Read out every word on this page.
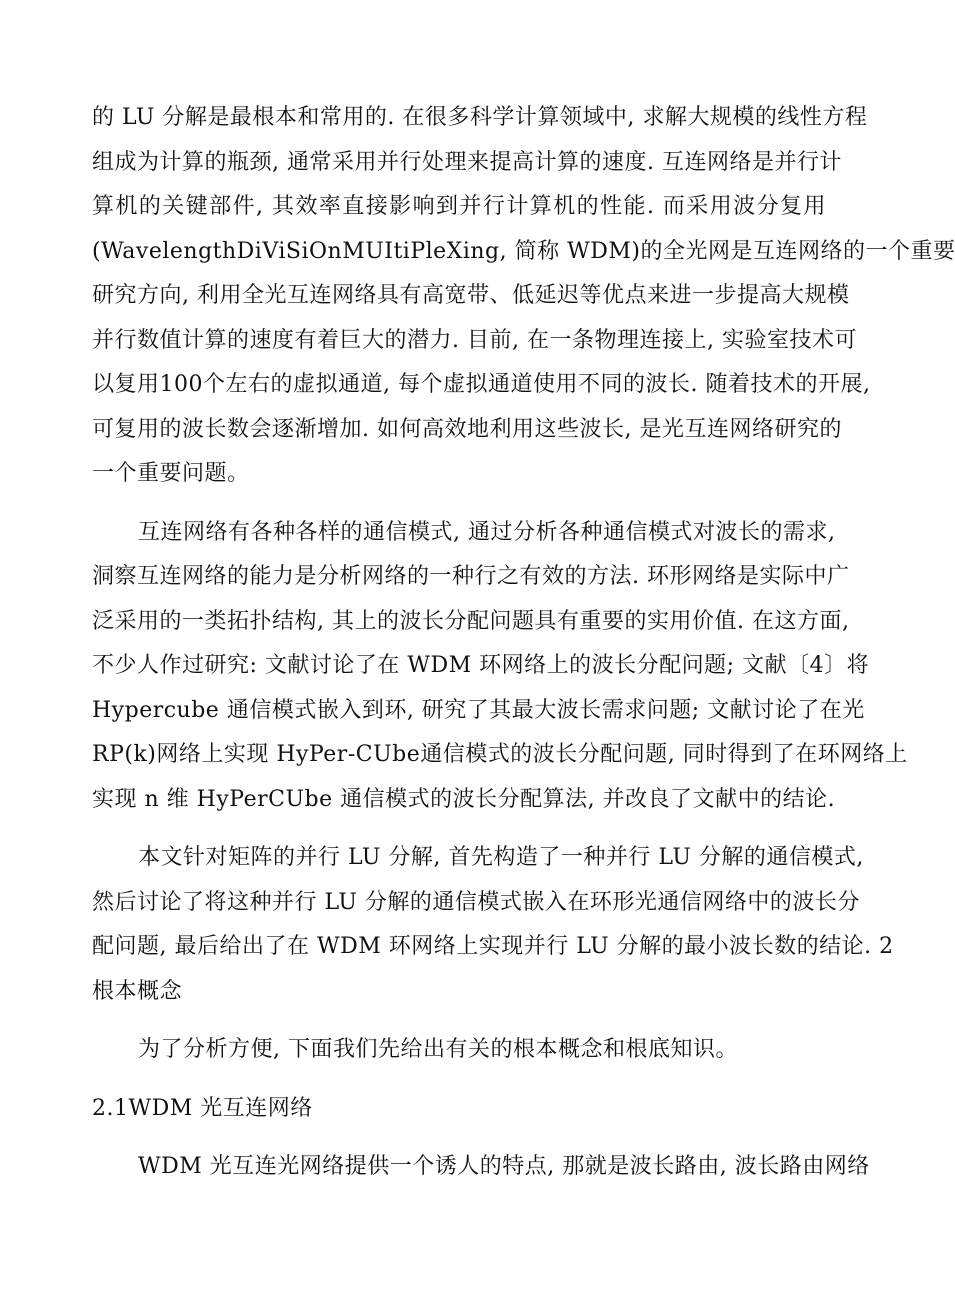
的 LU 分解是最根本和常用的. 在很多科学计算领域中, 求解大规模的线性方程
组成为计算的瓶颈, 通常采用并行处理来提高计算的速度. 互连网络是并行计
算机的关键部件, 其效率直接影响到并行计算机的性能. 而采用波分复用
(WavelengthDiViSiOnMUItiPleXing, 简称 WDM)的全光网是互连网络的一个重要
研究方向, 利用全光互连网络具有高宽带、低延迟等优点来进一步提高大规模
并行数值计算的速度有着巨大的潜力. 目前, 在一条物理连接上, 实验室技术可
以复用100个左右的虚拟通道, 每个虚拟通道使用不同的波长. 随着技术的开展,
可复用的波长数会逐渐增加. 如何高效地利用这些波长, 是光互连网络研究的
一个重要问题。
互连网络有各种各样的通信模式, 通过分析各种通信模式对波长的需求,
洞察互连网络的能力是分析网络的一种行之有效的方法. 环形网络是实际中广
泛采用的一类拓扑结构, 其上的波长分配问题具有重要的实用价值. 在这方面,
不少人作过研究: 文献讨论了在 WDM 环网络上的波长分配问题; 文献〔4〕将
Hypercube 通信模式嵌入到环, 研究了其最大波长需求问题; 文献讨论了在光
RP(k)网络上实现 HyPer-CUbe通信模式的波长分配问题, 同时得到了在环网络上
实现 n 维 HyPerCUbe 通信模式的波长分配算法, 并改良了文献中的结论.
本文针对矩阵的并行 LU 分解, 首先构造了一种并行 LU 分解的通信模式,
然后讨论了将这种并行 LU 分解的通信模式嵌入在环形光通信网络中的波长分
配问题, 最后给出了在 WDM 环网络上实现并行 LU 分解的最小波长数的结论. 2
根本概念
为了分析方便, 下面我们先给出有关的根本概念和根底知识。
2.1WDM 光互连网络
WDM 光互连光网络提供一个诱人的特点, 那就是波长路由, 波长路由网络
